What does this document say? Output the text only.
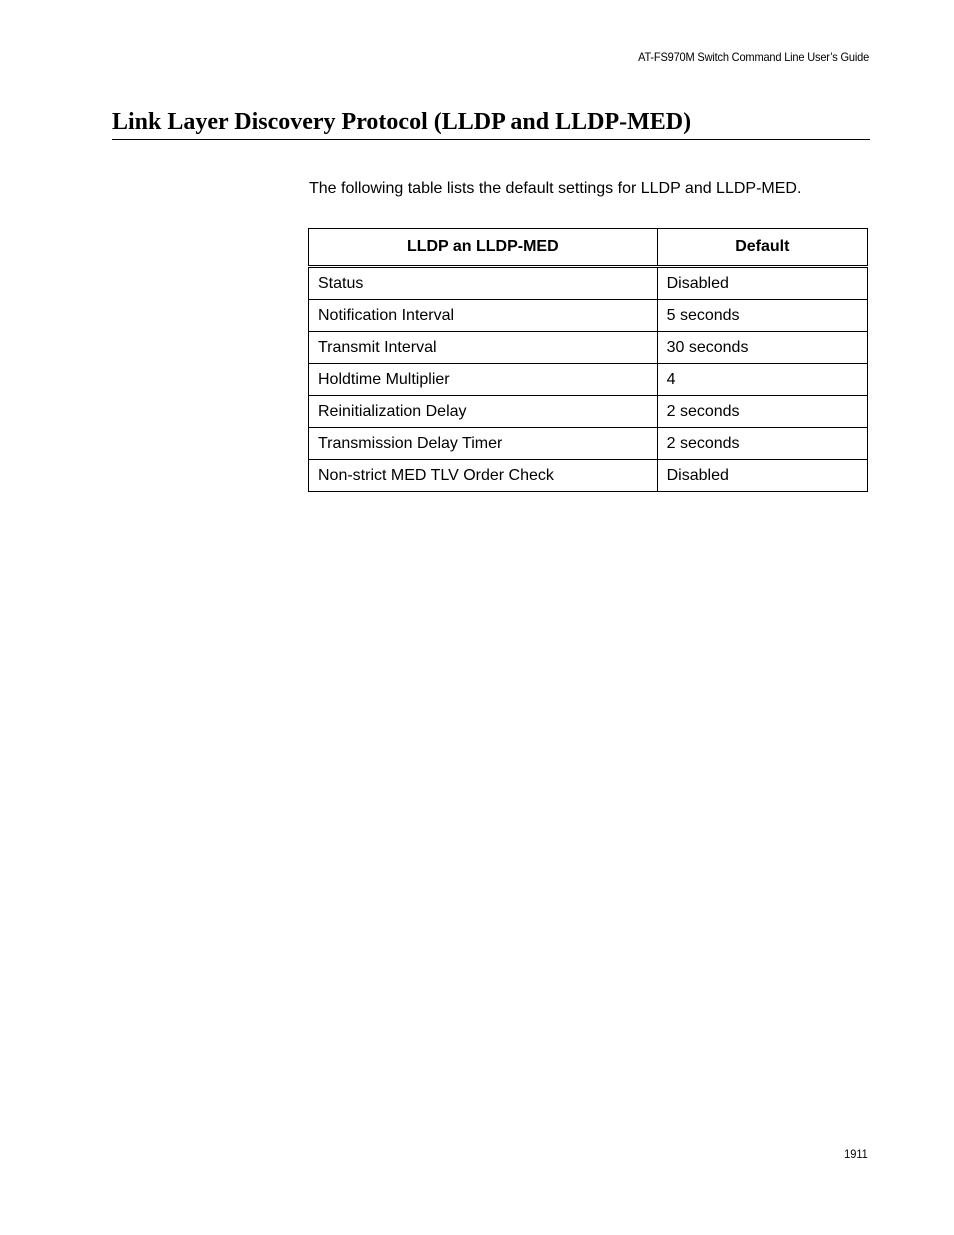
AT-FS970M Switch Command Line User’s Guide
Link Layer Discovery Protocol (LLDP and LLDP-MED)

The following table lists the default settings for LLDP and LLDP-MED.

LLDP an LLDP-MED	Default
Status	Disabled
Notification Interval	5 seconds
Transmit Interval	30 seconds
Holdtime Multiplier	4
Reinitialization Delay	2 seconds
Transmission Delay Timer	2 seconds
Non-strict MED TLV Order Check	Disabled
1911
